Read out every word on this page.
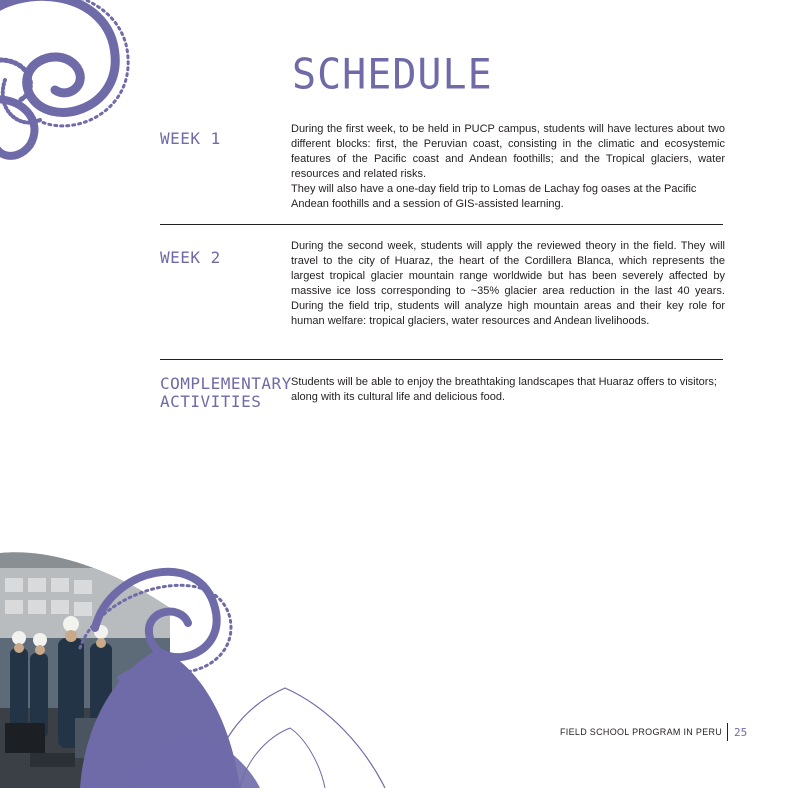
SCHEDULE
WEEK 1	During the first week, to be held in PUCP campus, students will have lectures about two different blocks: first, the Peruvian coast, consisting in the climatic and ecosystemic features of the Pacific coast and Andean foothills; and the Tropical glaciers, water resources and related risks.
They will also have a one-day field trip to Lomas de Lachay fog oases at the Pacific Andean foothills and a session of GIS-assisted learning.
WEEK 2
During the second week, students will apply the reviewed theory in the field. They will travel to the city of Huaraz, the heart of the Cordillera Blanca, which represents the largest tropical glacier mountain range worldwide but has been severely affected by massive ice loss corresponding to ~35% glacier area reduction in the last 40 years. During the field trip, students will analyze high mountain areas and their key role for human welfare: tropical glaciers, water resources and Andean livelihoods.
COMPLEMENTARY
ACTIVITIES
Students will be able to enjoy the breathtaking landscapes that Huaraz offers to visitors; along with its cultural life and delicious food.
FIELD SCHOOL PROGRAM IN PERU 25
